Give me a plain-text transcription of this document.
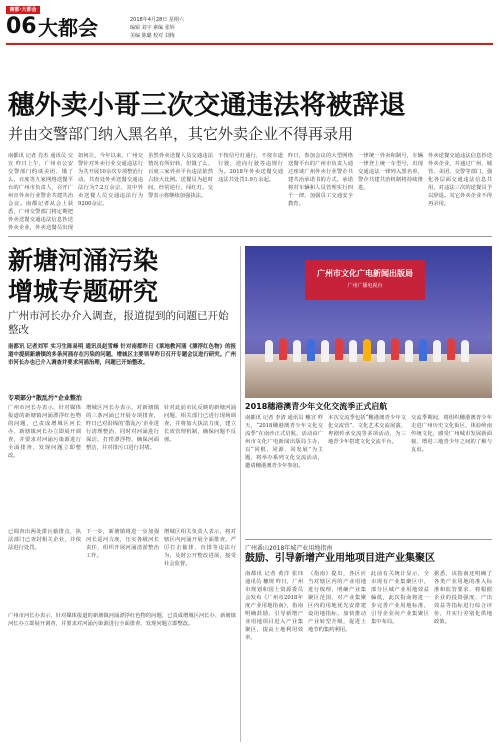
南都·大都会
06 大都会	2018年4月28日 星期六
编辑 刘宇 素编 张婷
美编 陈璐 校对 刘梅
穗外卖小哥三次交通违法将被辞退
并由交警部门纳入黑名单，其它外卖企业不得再录用
南都讯 记者 肖杰 通讯员 交宣 昨日上午，广州市公安交警部门约谈美团、饿了么、百度等九家网络送餐平台的广州市负责人，召开广州市外卖行业警企共建共治会议。南都记者从会上获悉，广州交警部门将定期把外卖送餐交通违法信息抄送外卖企业，外卖送餐员出现
如何让，今年以来，广州交警针对外卖行业交通违法行为共开展10余次专项整治行动。共查处外卖送餐交通违法行为7.2万余宗，其中外卖送餐人员交通违法行为9200余宗。
虽然外卖送餐人员交通违法情况有所好转，但饿了么、百度三家外卖平台违法依然占较大比例。送餐员为赶时间，经常逆行、闯红灯。交警表示将继续加强执法。
不按信号灯通行，不按车道行驶，逆向行驶等违规行为。2018年外卖送餐交通违法共处罚1.9万余起。
昨日，参加会议的大型网络送餐平台的广州市负责人通过座谈广州外卖行业警企共建共治承诺书的方式，承诺将对车辆和人员管理实行四个一律，加强员工交通安全教育。
一律统一外卖和制号，车辆一律登上统一车型号，出现交通违法一律列入黑名单，警企共建共治机制将持续推进。
外卖送餐交通违法信息抄送外卖企业，并通过广州、城管、美团、交警等部门，强化各层面交通违法信息共用，对违法三次的送餐员予以辞退。其它外卖企业不得再录用。
新塘河涌污染
增城专题研究
广州市河长办介入调查，报道提到的问题已开始整改
南都讯 记者刘军 实习生陈易明 通讯员赵雪峰 针对南都昨日《莱地教河涌《漂浮红色物》的报道中提到新塘镇的多条河涌存在污染的问题，增城区主要领导昨日召开专题会议进行研究。广州市河长办也已介入调查并要求河涌治理，问题已开始整改。
专项部分“散乱污”企业整治
广州市河长办表示，针对媒体报道的新塘镇河涌漂浮红色物的问题，已责成增城区河长办、新塘镇河长办立即展开调查，并要求对河涌污染源进行全面排查，发现问题立即整改。
增城区河长办表示，对新塘镇的三条河涌已开展专项排查，昨日已对沿线的‘散乱污’企业进行清理整治，同时对河涌进行保洁，打捞漂浮物，确保河面整洁，并对排污口进行封堵。
针对此前市民反映的新塘河涌问题，相关部门已进行现场调查，并将加大执法力度，建立长效管理机制，确保问题不反弹。
已调查出两处排污偷排点，执法部门已查封相关企业，并依法进行处罚。
下一步，新塘镇将进一步加强河长巡河力度，压实各级河长责任，组织开展河涌清淤整治工作。
增城区相关负责人表示，将对辖区内河涌开展全面排查，严厉打击偷排、直排等违法行为，及时公开整改进展，接受社会监督。
广州市河长办表示，针对媒体报道的新塘镇河涌漂浮红色物的问题，已责成增城区河长办、新塘镇河长办立即展开调查，并要求对河涌污染源进行全面排查，发现问题立即整改。
广州市文化广电新闻出版局
广州广播电视台
2018穗港澳青少年文化交流季正式启航
南都讯 记者 李清 通讯员 穗宣 昨天，“2018穗港澳青少年文化交流季”在南沙正式启航，活动由广州市文化广电新闻出版局主办，以“同根、同源、同发展”为主题，将举办系列文化交流活动，邀请穗港澳青少年参加。
本次交流季包括“穗港澳青少年文化交流营”、文化艺术交流展演、粤剧传承交流等多项活动，为三地青少年搭建文化交流平台。
交流季期间，将组织穗港澳青少年走进广州历史文化街区，体验岭南传统文化，感受广州城市发展新面貌，增进三地青少年之间的了解与友谊。
广州番山2018年城产业用地指南
鼓励、引导新增产业用地项目进产业集聚区
南都讯 记者 黄洋 张玮 通讯员 穗规 昨日，广州市规划和国土资源委员会发布《广州市2018年度产业用地指南》，指南明确鼓励、引导新增产业用地项目进入产业集聚区，提高土地利用效率。
《指南》提出，各区应当对辖区内的产业用地进行梳理，明确产业集聚区范围，对产业集聚区内的用地优先安排建设用地指标，加快推动产业转型升级，促进土地节约集约利用。
此前有关统计显示，全市现有产业集聚区中，部分区域产业用地效益偏低，此次指南将进一步完善产业用地标准，引导企业向产业集聚区集中布局。
据悉，该指南还明确了各类产业用地的准入标准和监管要求，将根据企业的投资强度、产出效益等指标进行综合评价，并实行差别化供地政策。
